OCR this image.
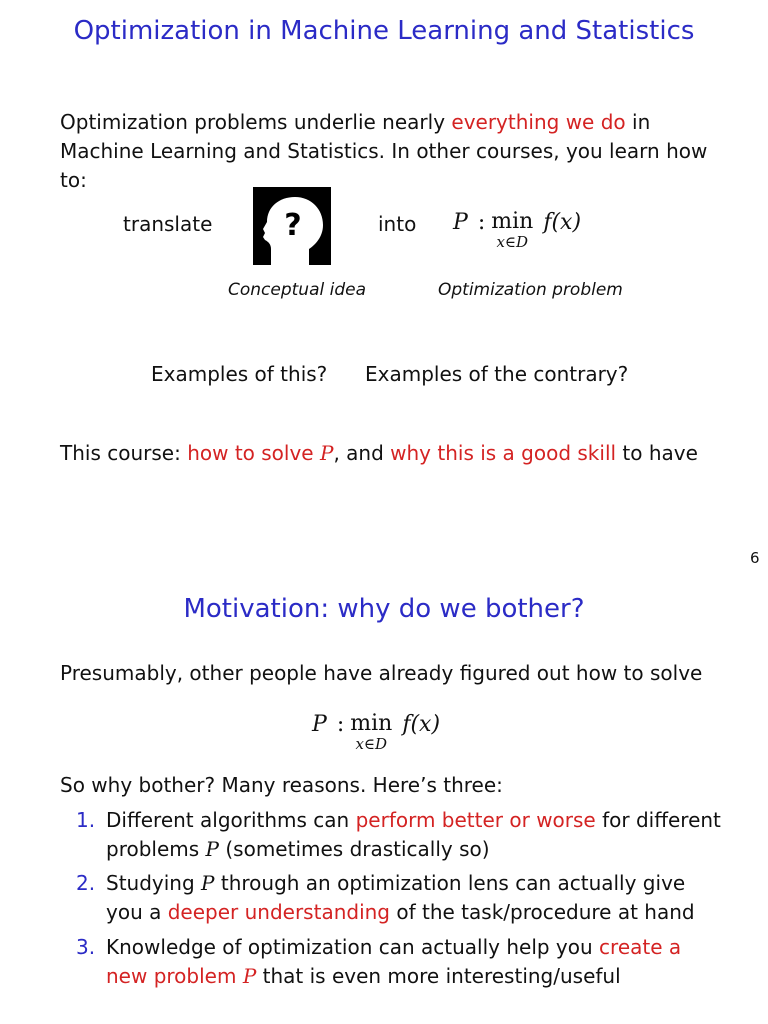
Optimization in Machine Learning and Statistics
Optimization problems underlie nearly everything we do in Machine Learning and Statistics. In other courses, you learn how to:
translate ?	into P : min
x∈D
f(x)
Conceptual idea	Optimization problem
Examples of this? Examples of the contrary?
This course: how to solve P, and why this is a good skill to have
6
Motivation: why do we bother?
Presumably, other people have already figured out how to solve
P : min
x∈D
f(x)
So why bother? Many reasons. Here’s three:
1. Different algorithms can perform better or worse for different problems P (sometimes drastically so)
2. Studying P through an optimization lens can actually give you a deeper understanding of the task/procedure at hand
3. Knowledge of optimization can actually help you create a new problem P that is even more interesting/useful
